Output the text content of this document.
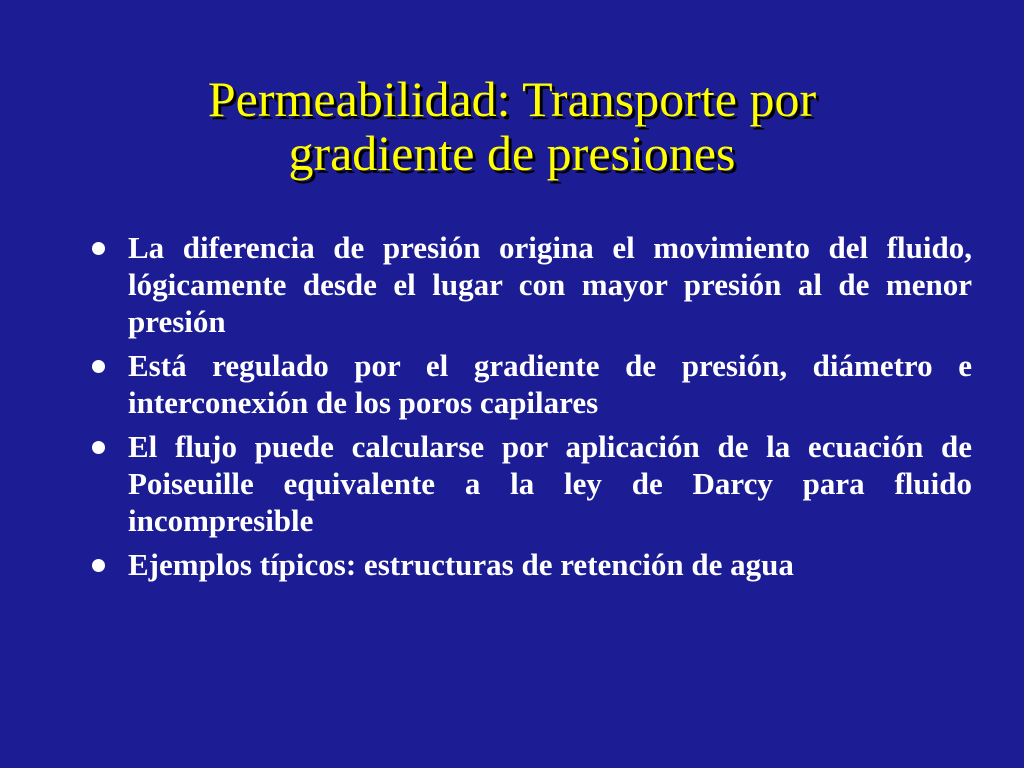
Permeabilidad: Transporte por
gradiente de presiones
La diferencia de presión origina el movimiento del fluido, lógicamente desde el lugar con mayor presión al de menor presión
Está regulado por el gradiente de presión, diámetro e interconexión de los poros capilares
El flujo puede calcularse por aplicación de la ecuación de Poiseuille equivalente a la ley de Darcy para fluido incompresible
Ejemplos típicos: estructuras de retención de agua
